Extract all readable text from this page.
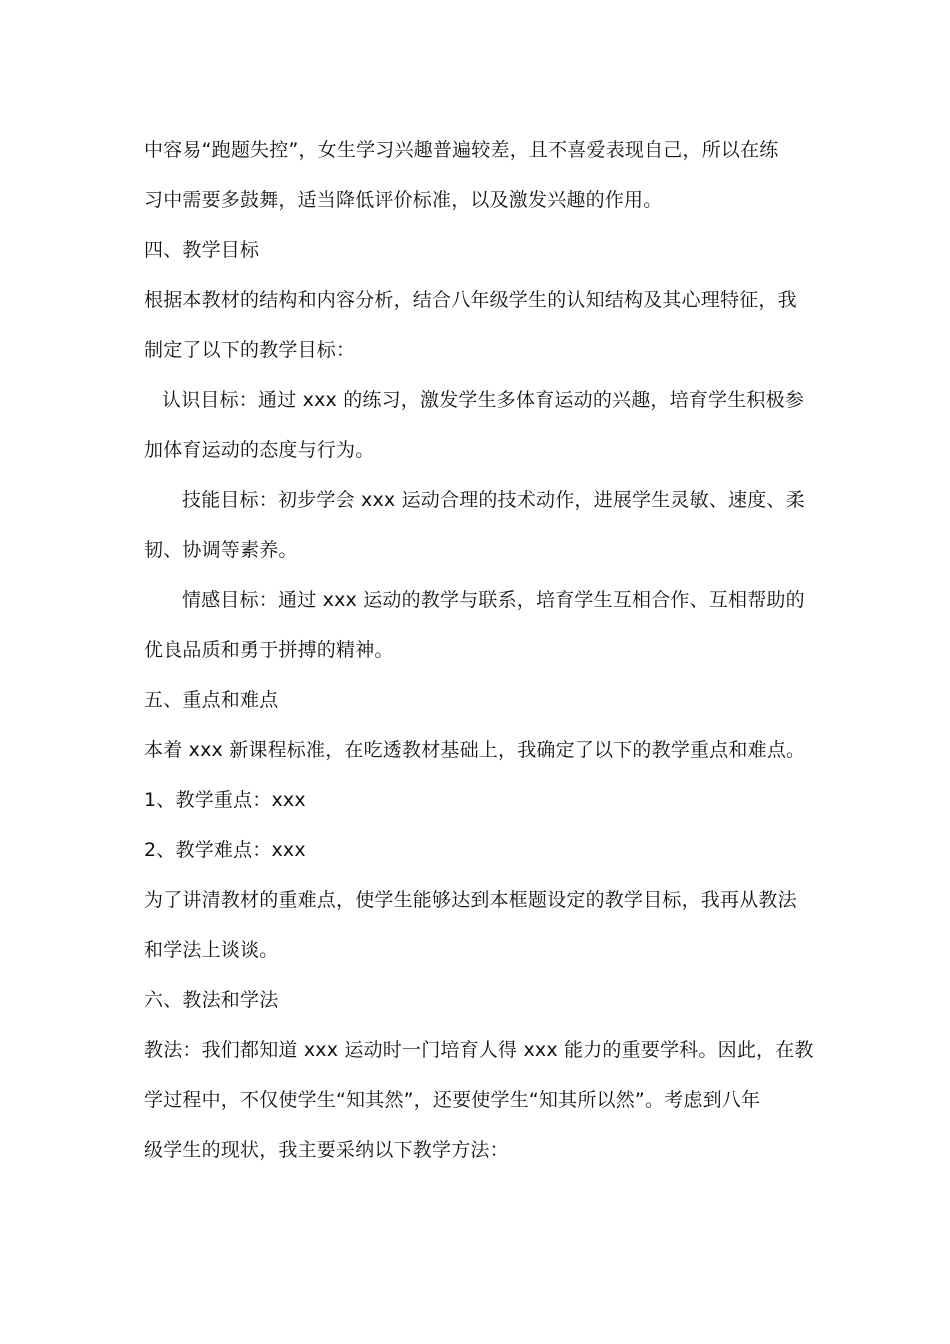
中容易“跑题失控”，女生学习兴趣普遍较差，且不喜爱表现自己，所以在练
习中需要多鼓舞，适当降低评价标准，以及激发兴趣的作用。
四、教学目标
根据本教材的结构和内容分析，结合八年级学生的认知结构及其心理特征，我
制定了以下的教学目标：
认识目标：通过 xxx 的练习，激发学生多体育运动的兴趣，培育学生积极参
加体育运动的态度与行为。
技能目标：初步学会 xxx 运动合理的技术动作，进展学生灵敏、速度、柔
韧、协调等素养。
情感目标：通过 xxx 运动的教学与联系，培育学生互相合作、互相帮助的
优良品质和勇于拼搏的精神。
五、重点和难点
本着 xxx 新课程标准，在吃透教材基础上，我确定了以下的教学重点和难点。
1、教学重点：xxx
2、教学难点：xxx
为了讲清教材的重难点，使学生能够达到本框题设定的教学目标，我再从教法
和学法上谈谈。
六、教法和学法
教法：我们都知道 xxx 运动时一门培育人得 xxx 能力的重要学科。因此，在教
学过程中，不仅使学生“知其然”，还要使学生“知其所以然”。考虑到八年
级学生的现状，我主要采纳以下教学方法：
